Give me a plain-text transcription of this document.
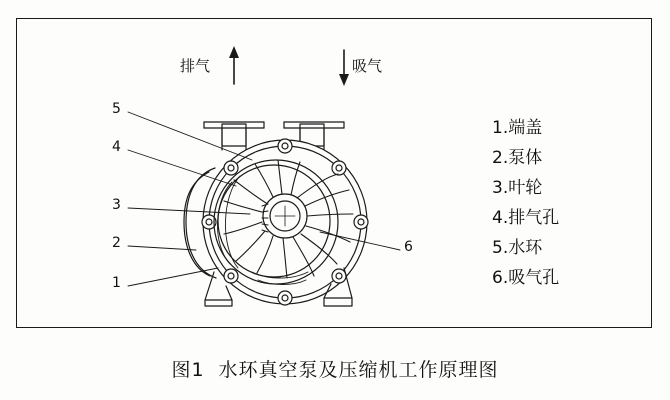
排气	吸气
5
4
3
2
1
6
1.端盖
2.泵体
3.叶轮
4.排气孔
5.水环
6.吸气孔
图1 水环真空泵及压缩机工作原理图
